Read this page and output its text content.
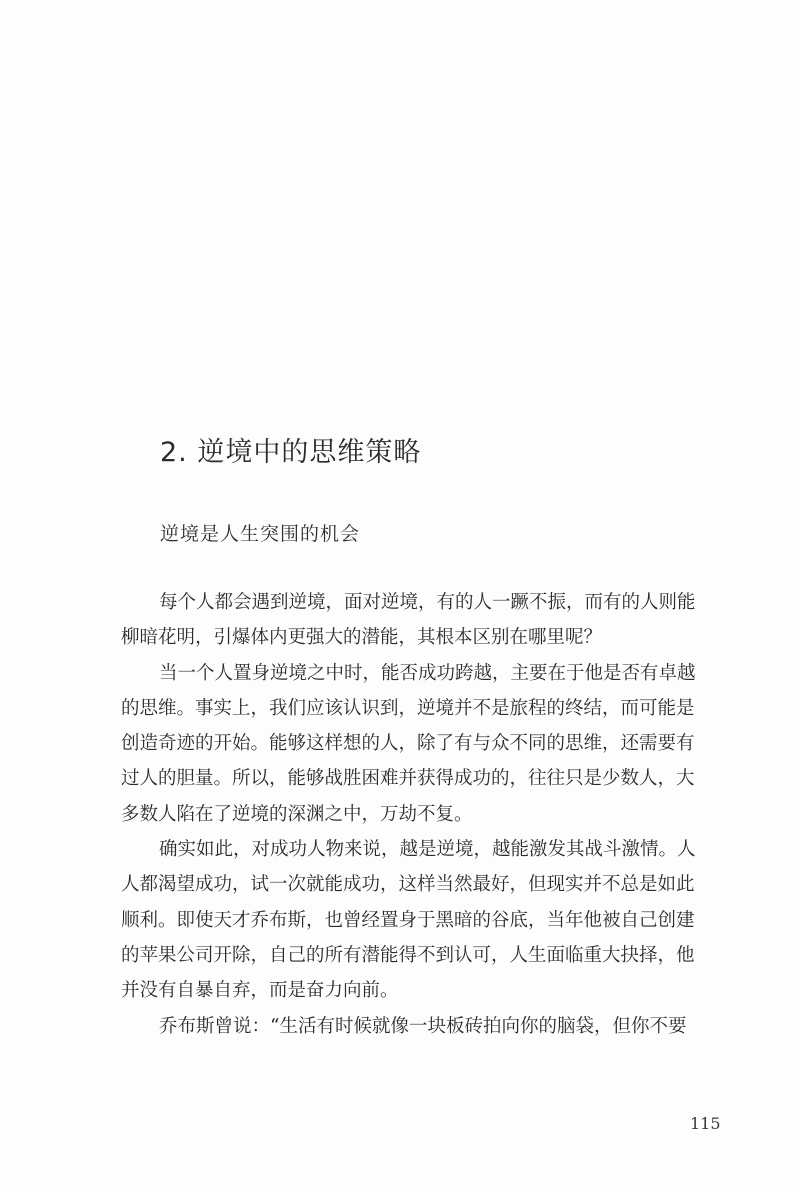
2. 逆境中的思维策略
逆境是人生突围的机会
每个人都会遇到逆境，面对逆境，有的人一蹶不振，而有的人则能
柳暗花明，引爆体内更强大的潜能，其根本区别在哪里呢？
当一个人置身逆境之中时，能否成功跨越，主要在于他是否有卓越
的思维。事实上，我们应该认识到，逆境并不是旅程的终结，而可能是
创造奇迹的开始。能够这样想的人，除了有与众不同的思维，还需要有
过人的胆量。所以，能够战胜困难并获得成功的，往往只是少数人，大
多数人陷在了逆境的深渊之中，万劫不复。
确实如此，对成功人物来说，越是逆境，越能激发其战斗激情。人
人都渴望成功，试一次就能成功，这样当然最好，但现实并不总是如此
顺利。即使天才乔布斯，也曾经置身于黑暗的谷底，当年他被自己创建
的苹果公司开除，自己的所有潜能得不到认可，人生面临重大抉择，他
并没有自暴自弃，而是奋力向前。
乔布斯曾说：“生活有时候就像一块板砖拍向你的脑袋，但你不要
115
